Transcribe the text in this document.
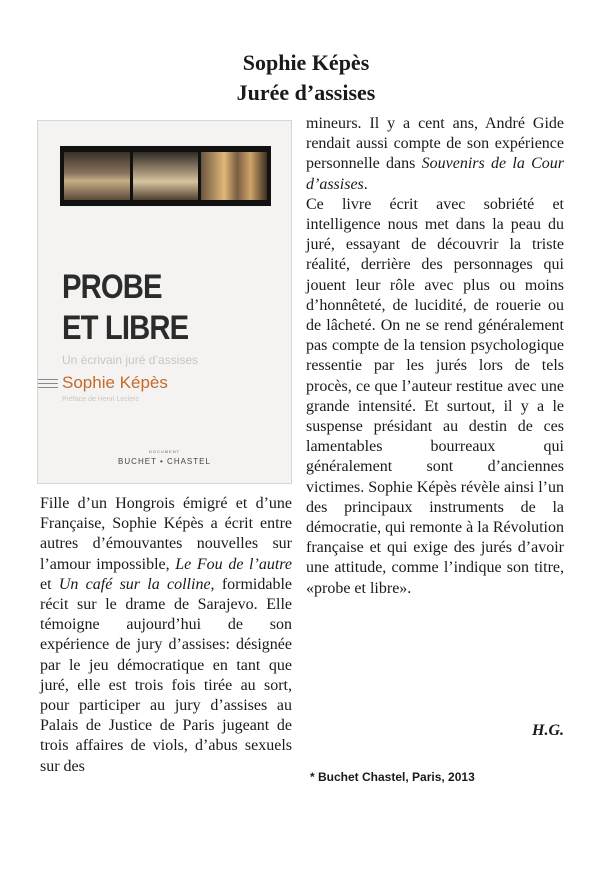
Sophie Képès
Jurée d’assises
PROBE
ET LIBRE
Un écrivain juré d’assises
Sophie Képès
Préface de Henri Leclerc
DOCUMENT
BUCHET • CHASTEL

Fille d’un Hongrois émigré et d’une Française, Sophie Képès a écrit entre autres d’émouvantes nouvelles sur l’amour impossible, Le Fou de l’autre et Un café sur la colline, formidable récit sur le drame de Sarajevo. Elle témoigne aujourd’hui de son expérience de jury d’assises: désignée par le jeu démocratique en tant que juré, elle est trois fois tirée au sort, pour participer au jury d’assises au Palais de Justice de Paris jugeant de trois affaires de viols, d’abus sexuels sur des

mineurs. Il y a cent ans, André Gide rendait aussi compte de son expérience personnelle dans Souvenirs de la Cour d’assises.

Ce livre écrit avec sobriété et intelligence nous met dans la peau du juré, essayant de découvrir la triste réalité, derrière des personnages qui jouent leur rôle avec plus ou moins d’honnêteté, de lucidité, de rouerie ou de lâcheté. On ne se rend généralement pas compte de la tension psychologique ressentie par les jurés lors de tels procès, ce que l’auteur restitue avec une grande intensité. Et surtout, il y a le suspense présidant au destin de ces lamentables bourreaux qui généralement sont d’anciennes victimes. Sophie Képès révèle ainsi l’un des principaux instruments de la démocratie, qui remonte à la Révolution française et qui exige des jurés d’avoir une attitude, comme l’indique son titre, «probe et libre».

H.G.
* Buchet Chastel, Paris, 2013
